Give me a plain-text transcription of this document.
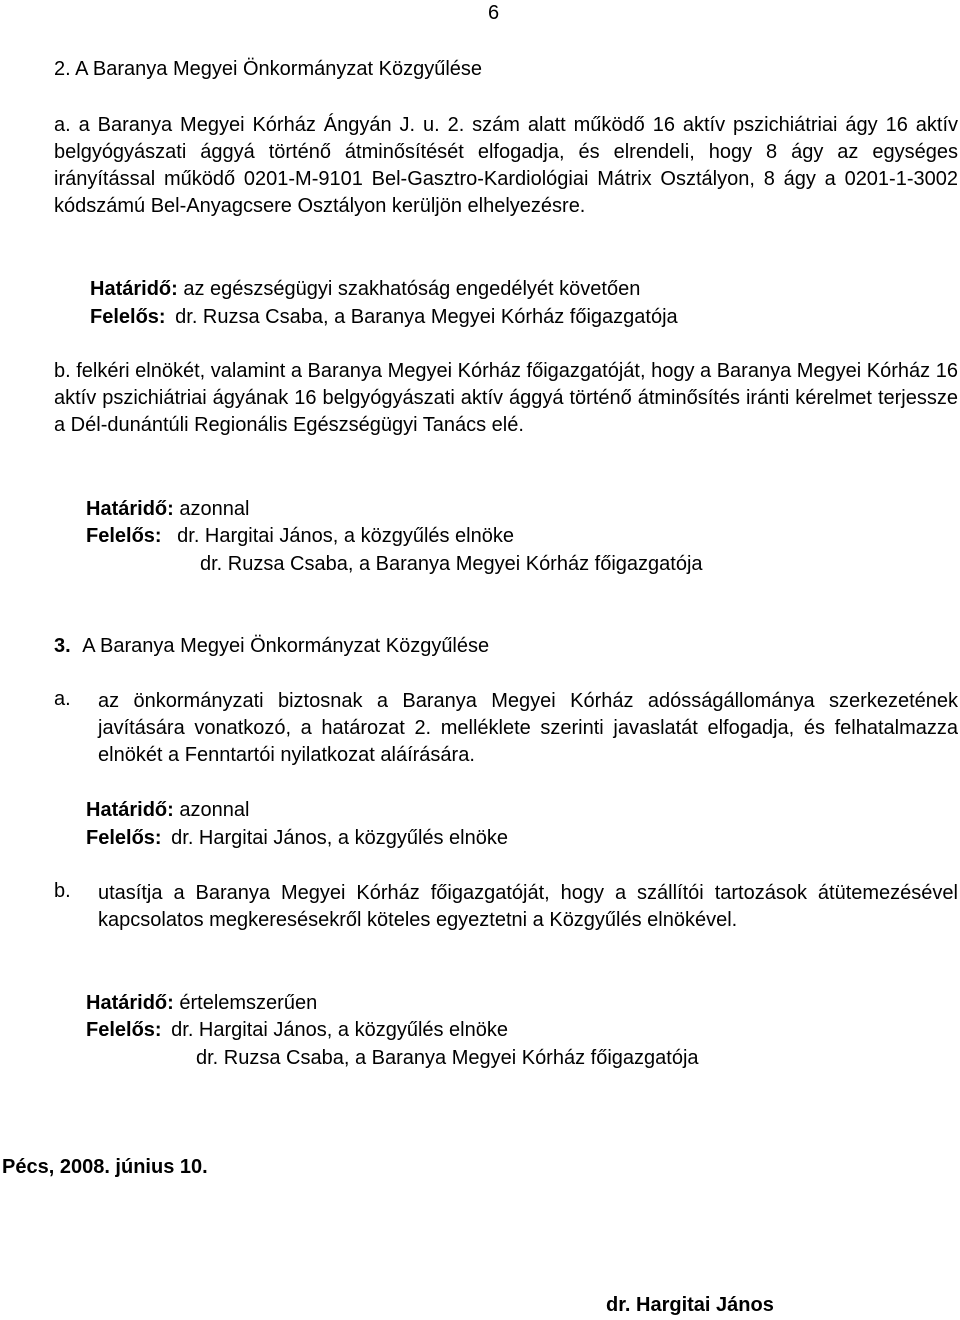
6
2. A Baranya Megyei Önkormányzat Közgyűlése
a. a Baranya Megyei Kórház Ángyán J. u. 2. szám alatt működő 16 aktív pszichiátriai ágy 16 aktív belgyógyászati ággyá történő átminősítését elfogadja, és elrendeli, hogy 8 ágy az egységes irányítással működő 0201-M-9101 Bel-Gasztro-Kardiológiai Mátrix Osztályon, 8 ágy a 0201-1-3002 kódszámú Bel-Anyagcsere Osztályon kerüljön elhelyezésre.
Határidő: az egészségügyi szakhatóság engedélyét követően
Felelős: dr. Ruzsa Csaba, a Baranya Megyei Kórház főigazgatója
b. felkéri elnökét, valamint a Baranya Megyei Kórház főigazgatóját, hogy a Baranya Megyei Kórház 16 aktív pszichiátriai ágyának 16 belgyógyászati aktív ággyá történő átminősítés iránti kérelmet terjessze a Dél-dunántúli Regionális Egészségügyi Tanács elé.
Határidő: azonnal
Felelős: dr. Hargitai János, a közgyűlés elnöke
dr. Ruzsa Csaba, a Baranya Megyei Kórház főigazgatója
3. A Baranya Megyei Önkormányzat Közgyűlése
a. az önkormányzati biztosnak a Baranya Megyei Kórház adósságállománya szerkezetének javítására vonatkozó, a határozat 2. melléklete szerinti javaslatát elfogadja, és felhatalmazza elnökét a Fenntartói nyilatkozat aláírására.
Határidő: azonnal
Felelős: dr. Hargitai János, a közgyűlés elnöke
b. utasítja a Baranya Megyei Kórház főigazgatóját, hogy a szállítói tartozások átütemezésével kapcsolatos megkeresésekről köteles egyeztetni a Közgyűlés elnökével.
Határidő: értelemszerűen
Felelős: dr. Hargitai János, a közgyűlés elnöke
dr. Ruzsa Csaba, a Baranya Megyei Kórház főigazgatója
Pécs, 2008. június 10.
dr. Hargitai János
